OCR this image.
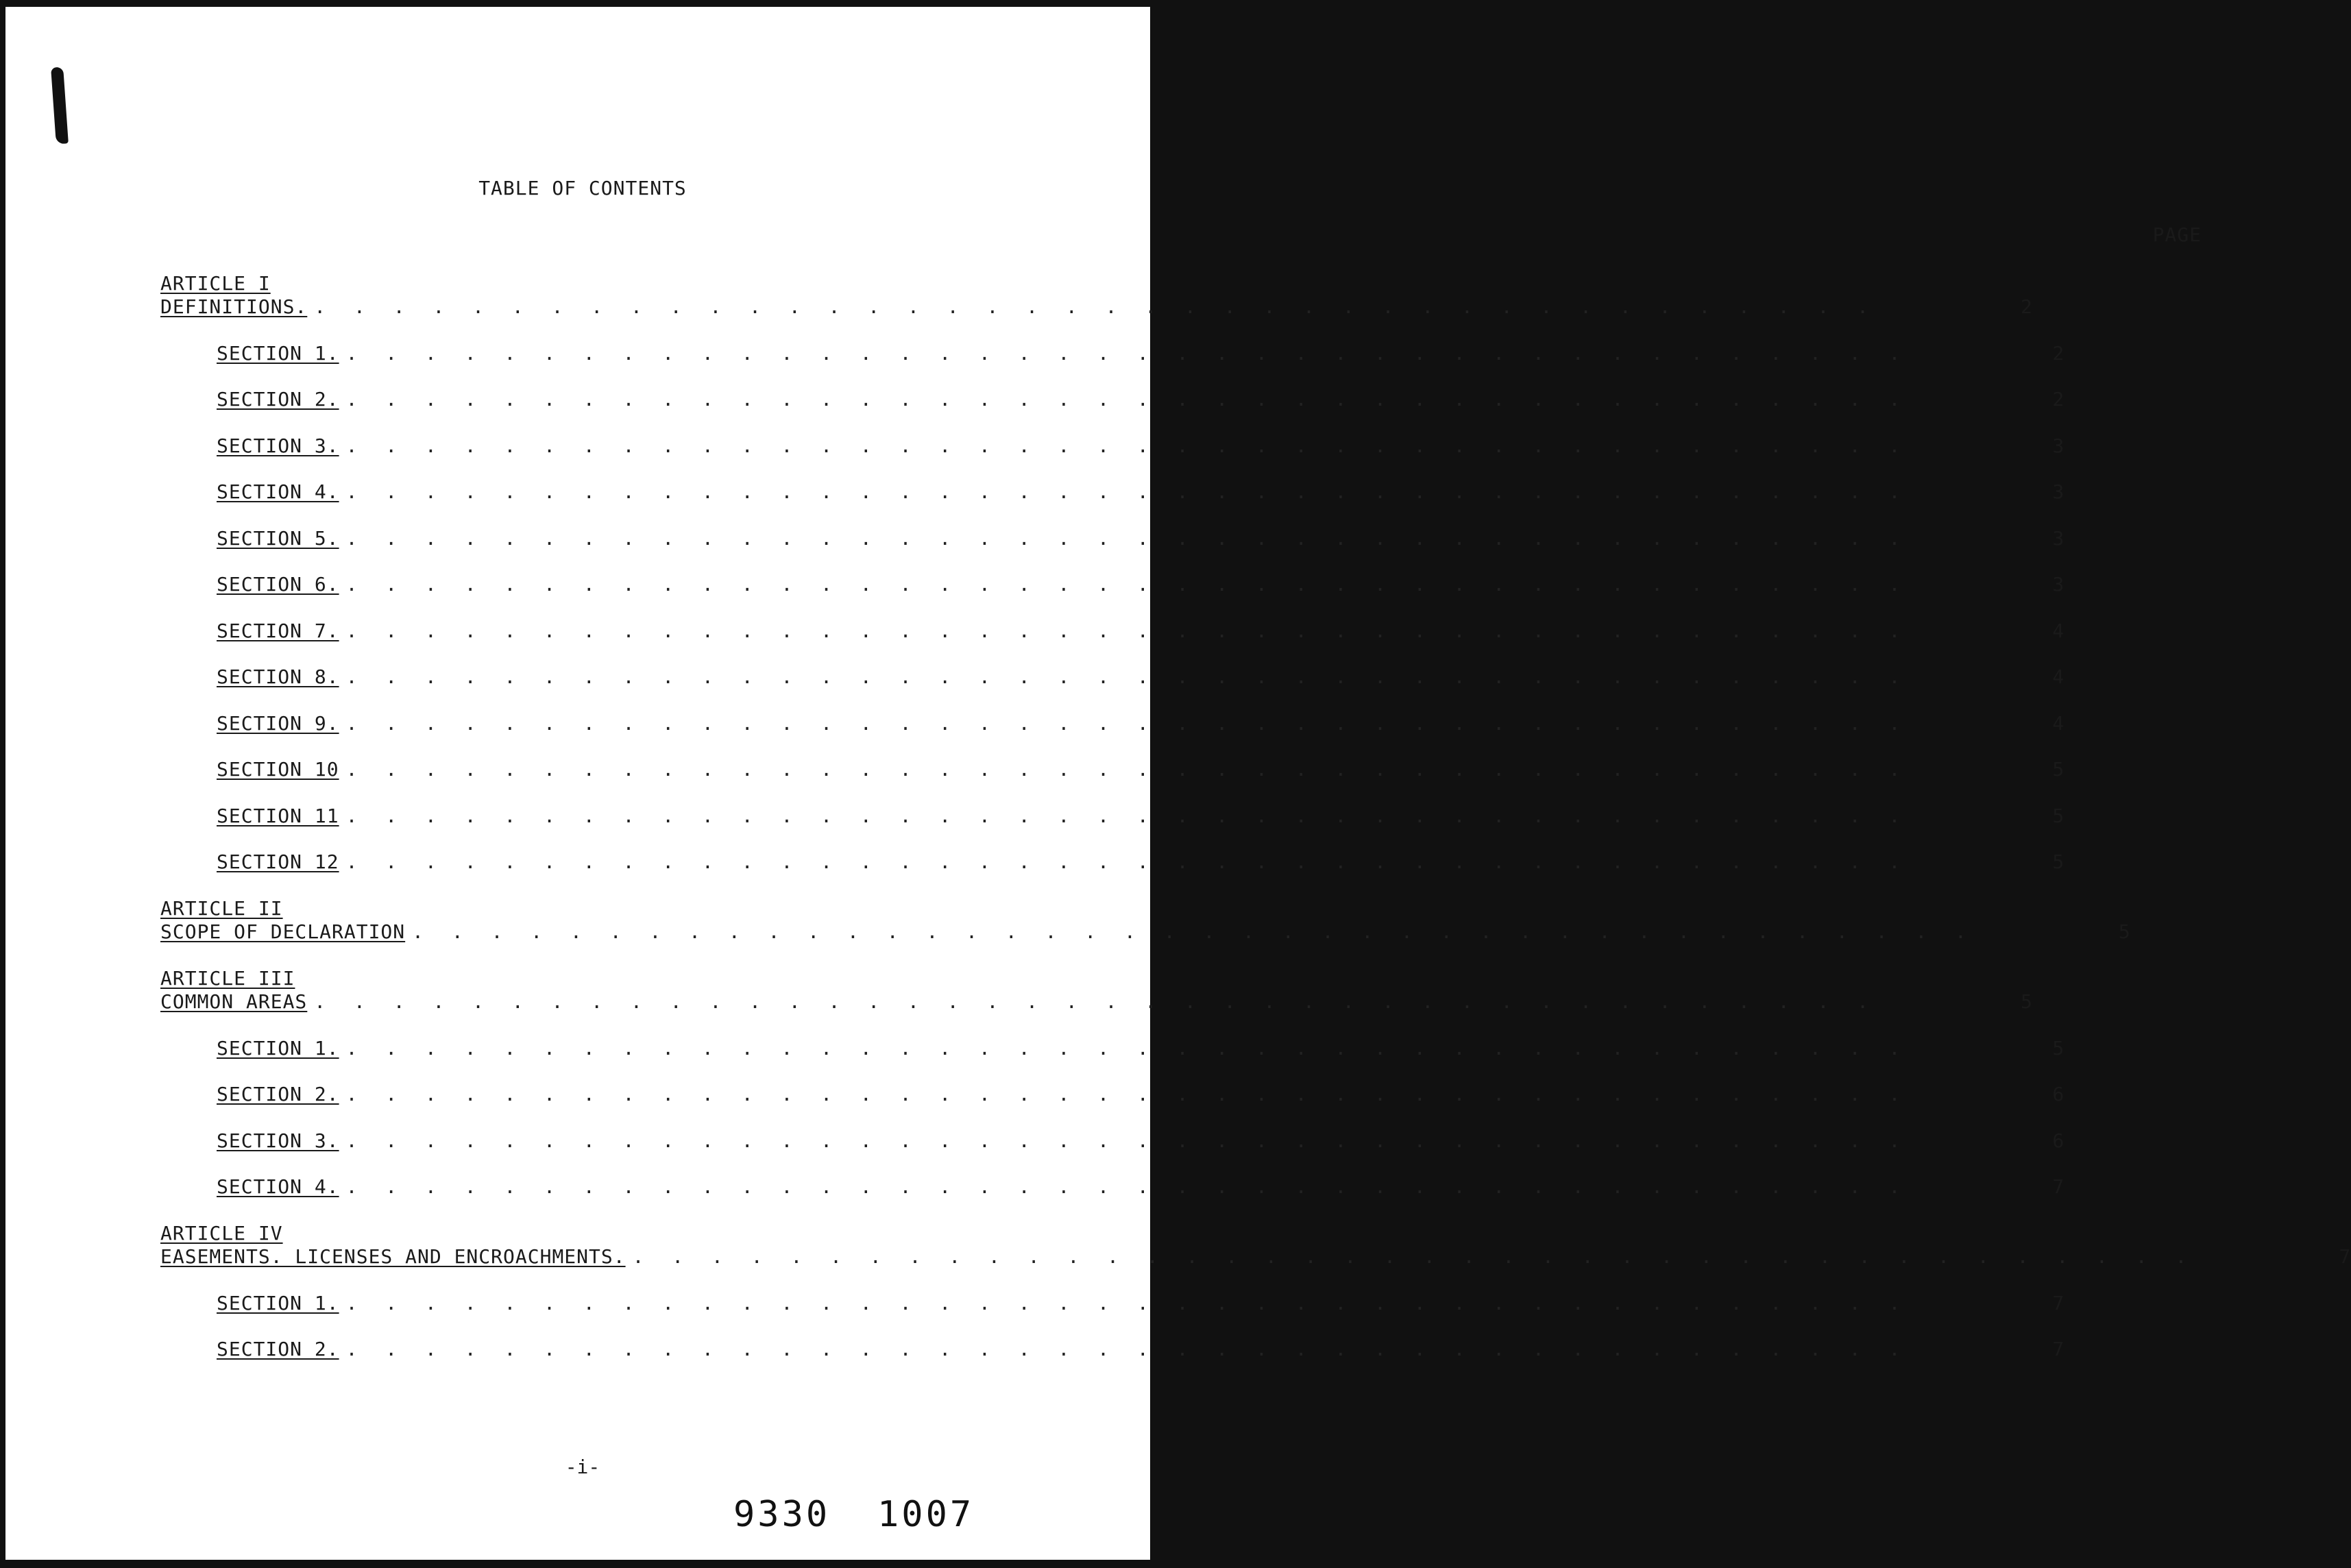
TABLE OF CONTENTS
PAGE
ARTICLE I
DEFINITIONS. . . . . . . . . . . . . . . . . . . . . . . . . . . . . . . . . . . . . . . . .	2
SECTION 1. . . . . . . . . . . . . . . . . . . . . . . . . . . . . . . . . . . . . . . . .	2
SECTION 2. . . . . . . . . . . . . . . . . . . . . . . . . . . . . . . . . . . . . . . . .	2
SECTION 3. . . . . . . . . . . . . . . . . . . . . . . . . . . . . . . . . . . . . . . . .	3
SECTION 4. . . . . . . . . . . . . . . . . . . . . . . . . . . . . . . . . . . . . . . . .	3
SECTION 5. . . . . . . . . . . . . . . . . . . . . . . . . . . . . . . . . . . . . . . . .	3
SECTION 6. . . . . . . . . . . . . . . . . . . . . . . . . . . . . . . . . . . . . . . . .	3
SECTION 7. . . . . . . . . . . . . . . . . . . . . . . . . . . . . . . . . . . . . . . . .	4
SECTION 8. . . . . . . . . . . . . . . . . . . . . . . . . . . . . . . . . . . . . . . . .	4
SECTION 9. . . . . . . . . . . . . . . . . . . . . . . . . . . . . . . . . . . . . . . . .	4
SECTION 10 . . . . . . . . . . . . . . . . . . . . . . . . . . . . . . . . . . . . . . . .	5
SECTION 11 . . . . . . . . . . . . . . . . . . . . . . . . . . . . . . . . . . . . . . . .	5
SECTION 12 . . . . . . . . . . . . . . . . . . . . . . . . . . . . . . . . . . . . . . . .	5
ARTICLE II
SCOPE OF DECLARATION . . . . . . . . . . . . . . . . . . . . . . . . . . . . . . . . . . . . . . . .	5
ARTICLE III
COMMON AREAS . . . . . . . . . . . . . . . . . . . . . . . . . . . . . . . . . . . . . . . .	5
SECTION 1. . . . . . . . . . . . . . . . . . . . . . . . . . . . . . . . . . . . . . . . .	5
SECTION 2. . . . . . . . . . . . . . . . . . . . . . . . . . . . . . . . . . . . . . . . .	6
SECTION 3. . . . . . . . . . . . . . . . . . . . . . . . . . . . . . . . . . . . . . . . .	6
SECTION 4. . . . . . . . . . . . . . . . . . . . . . . . . . . . . . . . . . . . . . . . .	7
ARTICLE IV
EASEMENTS. LICENSES AND ENCROACHMENTS. . . . . . . . . . . . . . . . . . . . . . . . . . . . . . . . . . . . . . . . .	7
SECTION 1. . . . . . . . . . . . . . . . . . . . . . . . . . . . . . . . . . . . . . . . .	7
SECTION 2. . . . . . . . . . . . . . . . . . . . . . . . . . . . . . . . . . . . . . . . .	7
-i-
9330 1007
